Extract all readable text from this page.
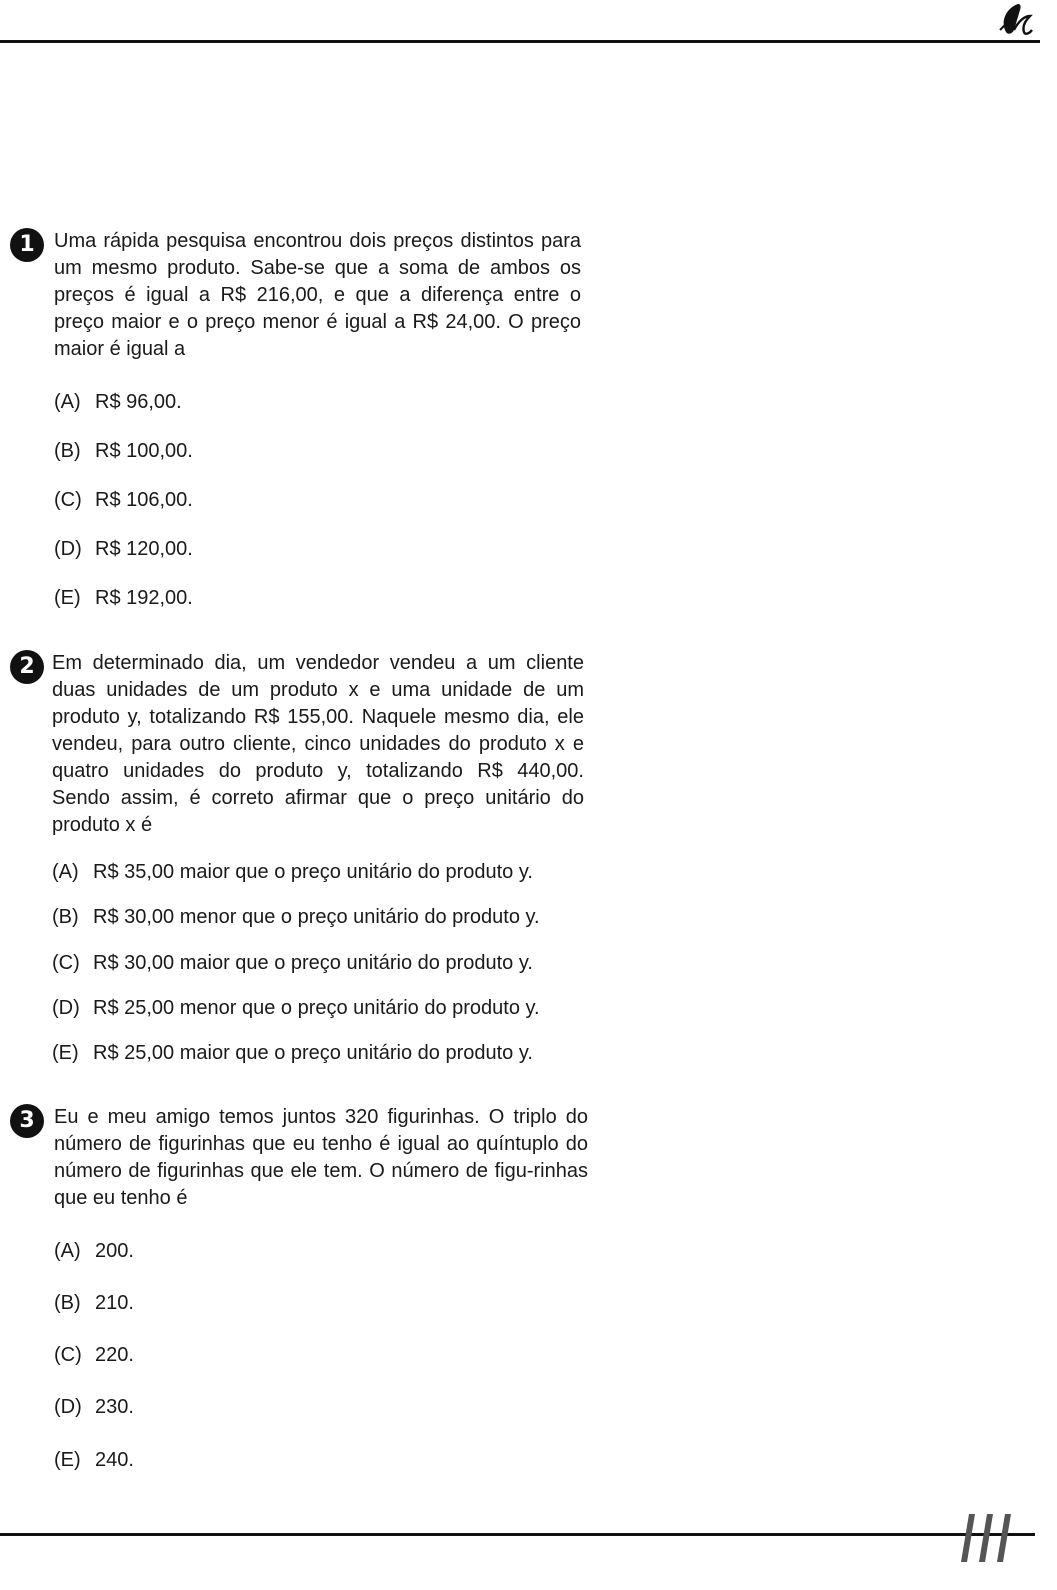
1 Uma rápida pesquisa encontrou dois preços distintos para um mesmo produto. Sabe-se que a soma de ambos os preços é igual a R$ 216,00, e que a diferença entre o preço maior e o preço menor é igual a R$ 24,00. O preço maior é igual a

(A) R$ 96,00.
(B) R$ 100,00.
(C) R$ 106,00.
(D) R$ 120,00.
(E) R$ 192,00.
2 Em determinado dia, um vendedor vendeu a um cliente duas unidades de um produto x e uma unidade de um produto y, totalizando R$ 155,00. Naquele mesmo dia, ele vendeu, para outro cliente, cinco unidades do produto x e quatro unidades do produto y, totalizando R$ 440,00. Sendo assim, é correto afirmar que o preço unitário do produto x é

(A) R$ 35,00 maior que o preço unitário do produto y.
(B) R$ 30,00 menor que o preço unitário do produto y.
(C) R$ 30,00 maior que o preço unitário do produto y.
(D) R$ 25,00 menor que o preço unitário do produto y.
(E) R$ 25,00 maior que o preço unitário do produto y.
3 Eu e meu amigo temos juntos 320 figurinhas. O triplo do número de figurinhas que eu tenho é igual ao quíntuplo do número de figurinhas que ele tem. O número de figu-rinhas que eu tenho é

(A) 200.
(B) 210.
(C) 220.
(D) 230.
(E) 240.
